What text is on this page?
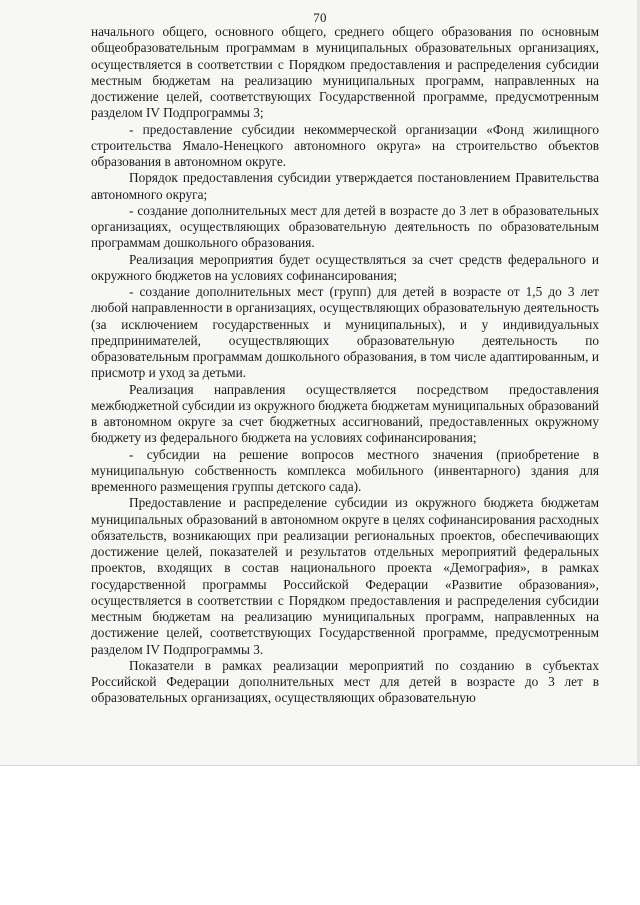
70

начального общего, основного общего, среднего общего образования по основным общеобразовательным программам в муниципальных образовательных организациях, осуществляется в соответствии с Порядком предоставления и распределения субсидии местным бюджетам на реализацию муниципальных программ, направленных на достижение целей, соответствующих Государственной программе, предусмотренным разделом IV Подпрограммы 3;

- предоставление субсидии некоммерческой организации «Фонд жилищного строительства Ямало-Ненецкого автономного округа» на строительство объектов образования в автономном округе.

Порядок предоставления субсидии утверждается постановлением Правительства автономного округа;

- создание дополнительных мест для детей в возрасте до 3 лет в образовательных организациях, осуществляющих образовательную деятельность по образовательным программам дошкольного образования.

Реализация мероприятия будет осуществляться за счет средств федерального и окружного бюджетов на условиях софинансирования;

- создание дополнительных мест (групп) для детей в возрасте от 1,5 до 3 лет любой направленности в организациях, осуществляющих образовательную деятельность (за исключением государственных и муниципальных), и у индивидуальных предпринимателей, осуществляющих образовательную деятельность по образовательным программам дошкольного образования, в том числе адаптированным, и присмотр и уход за детьми.

Реализация направления осуществляется посредством предоставления межбюджетной субсидии из окружного бюджета бюджетам муниципальных образований в автономном округе за счет бюджетных ассигнований, предоставленных окружному бюджету из федерального бюджета на условиях софинансирования;

- субсидии на решение вопросов местного значения (приобретение в муниципальную собственность комплекса мобильного (инвентарного) здания для временного размещения группы детского сада).

Предоставление и распределение субсидии из окружного бюджета бюджетам муниципальных образований в автономном округе в целях софинансирования расходных обязательств, возникающих при реализации региональных проектов, обеспечивающих достижение целей, показателей и результатов отдельных мероприятий федеральных проектов, входящих в состав национального проекта «Демография», в рамках государственной программы Российской Федерации «Развитие образования», осуществляется в соответствии с Порядком предоставления и распределения субсидии местным бюджетам на реализацию муниципальных программ, направленных на достижение целей, соответствующих Государственной программе, предусмотренным разделом IV Подпрограммы 3.

Показатели в рамках реализации мероприятий по созданию в субъектах Российской Федерации дополнительных мест для детей в возрасте до 3 лет в образовательных организациях, осуществляющих образовательную
